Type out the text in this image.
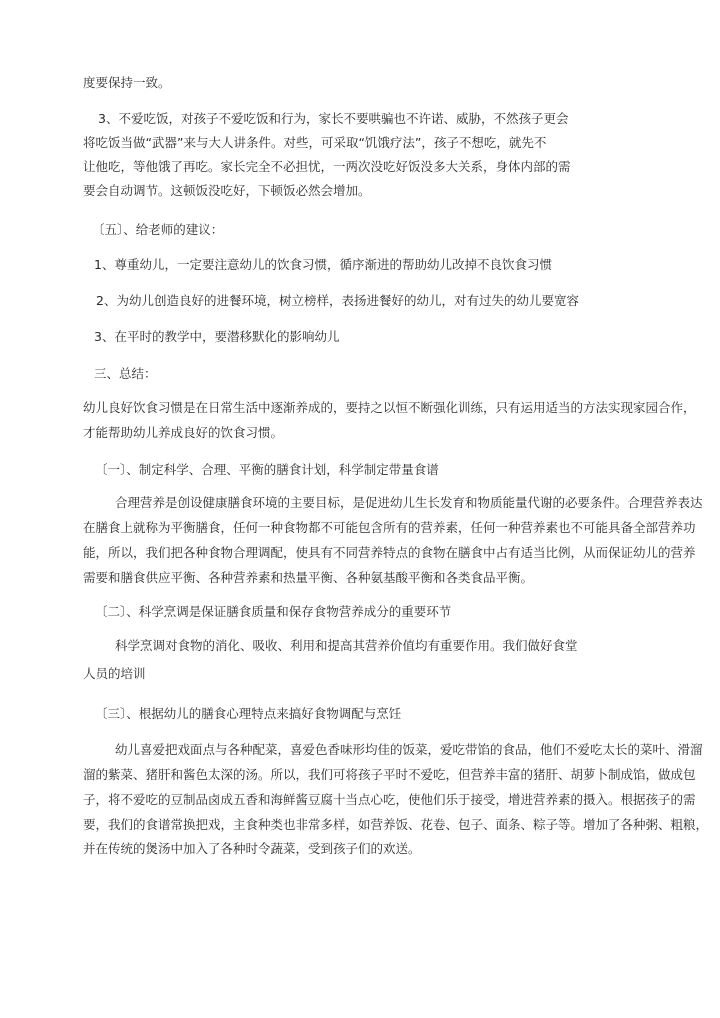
度要保持一致。
3、不爱吃饭，对孩子不爱吃饭和行为，家长不要哄骗也不许诺、威胁，不然孩子更会
将吃饭当做“武器”来与大人讲条件。对些，可采取“饥饿疗法”，孩子不想吃，就先不
让他吃，等他饿了再吃。家长完全不必担忧，一两次没吃好饭没多大关系，身体内部的需
要会自动调节。这顿饭没吃好，下顿饭必然会增加。
〔五〕、给老师的建议：
1、尊重幼儿，一定要注意幼儿的饮食习惯，循序渐进的帮助幼儿改掉不良饮食习惯
2、为幼儿创造良好的进餐环境，树立榜样，表扬进餐好的幼儿，对有过失的幼儿要宽容
3、在平时的教学中，要潜移默化的影响幼儿
三、总结：
幼儿良好饮食习惯是在日常生活中逐渐养成的，要持之以恒不断强化训练，只有运用适当的方法实现家园合作，
才能帮助幼儿养成良好的饮食习惯。
〔一〕、制定科学、合理、平衡的膳食计划，科学制定带量食谱
合理营养是创设健康膳食环境的主要目标，是促进幼儿生长发育和物质能量代谢的必要条件。合理营养表达
在膳食上就称为平衡膳食，任何一种食物都不可能包含所有的营养素，任何一种营养素也不可能具备全部营养功
能，所以，我们把各种食物合理调配，使具有不同营养特点的食物在膳食中占有适当比例，从而保证幼儿的营养
需要和膳食供应平衡、各种营养素和热量平衡、各种氨基酸平衡和各类食品平衡。
〔二〕、科学烹调是保证膳食质量和保存食物营养成分的重要环节
科学烹调对食物的消化、吸收、利用和提高其营养价值均有重要作用。我们做好食堂
人员的培训
〔三〕、根据幼儿的膳食心理特点来搞好食物调配与烹饪
幼儿喜爱把戏面点与各种配菜，喜爱色香味形均佳的饭菜，爱吃带馅的食品，他们不爱吃太长的菜叶、滑溜
溜的紫菜、猪肝和酱色太深的汤。所以，我们可将孩子平时不爱吃，但营养丰富的猪肝、胡萝卜制成馅，做成包
子，将不爱吃的豆制品卤成五香和海鲜酱豆腐十当点心吃，使他们乐于接受，增进营养素的摄入。根据孩子的需
要，我们的食谱常换把戏，主食种类也非常多样，如营养饭、花卷、包子、面条、粽子等。增加了各种粥、粗粮，
并在传统的煲汤中加入了各种时令蔬菜，受到孩子们的欢送。
